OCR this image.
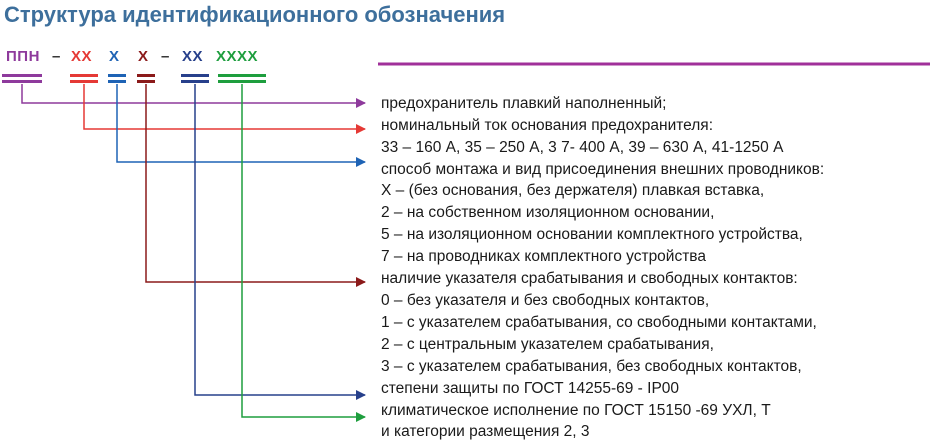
Структура идентификационного обозначения
ППН – XX X X – XX XXXX
предохранитель плавкий наполненный;
номинальный ток основания предохранителя:
33 – 160 А, 35 – 250 А, 3 7- 400 А, 39 – 630 А, 41-1250 А
способ монтажа и вид присоединения внешних проводников:
X – (без основания, без держателя) плавкая вставка,
2 – на собственном изоляционном основании,
5 – на изоляционном основании комплектного устройства,
7 – на проводниках комплектного устройства
наличие указателя срабатывания и свободных контактов:
0 – без указателя и без свободных контактов,
1 – с указателем срабатывания, со свободными контактами,
2 – с центральным указателем срабатывания,
3 – с указателем срабатывания, без свободных контактов,
степени защиты по ГОСТ 14255-69 - IP00
климатическое исполнение по ГОСТ 15150 -69 УХЛ, Т
и категории размещения 2, 3
